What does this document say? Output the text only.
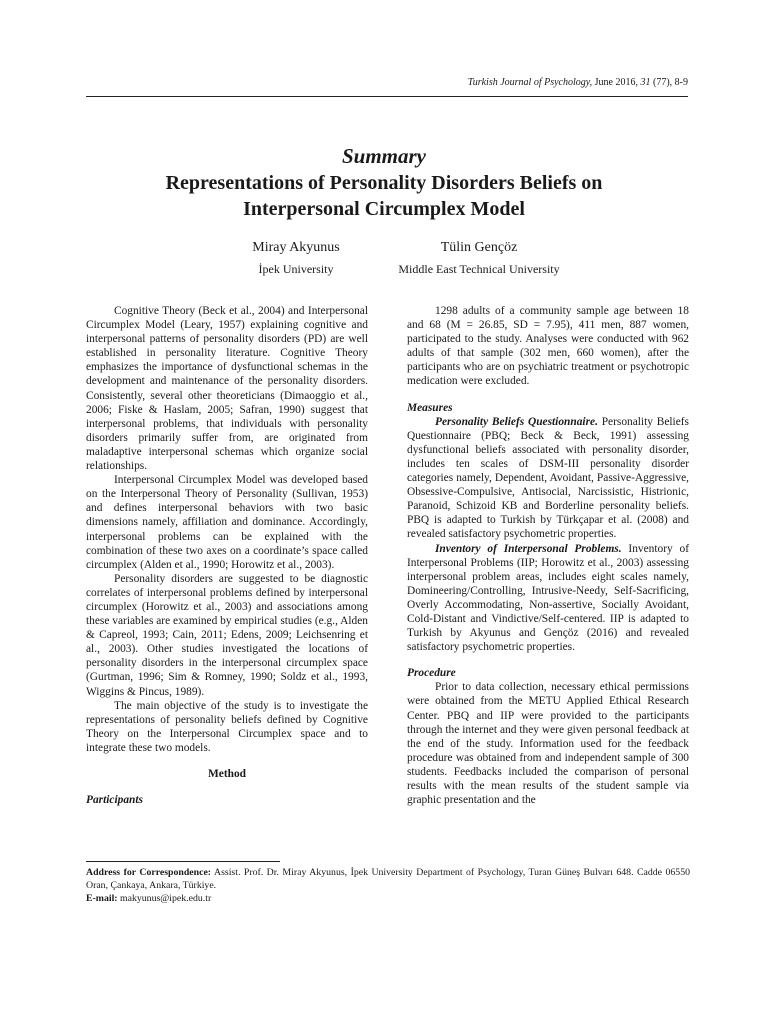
Turkish Journal of Psychology, June 2016, 31 (77), 8-9
Summary
Representations of Personality Disorders Beliefs on
Interpersonal Circumplex Model
Miray Akyunus
İpek University
Tülin Gençöz
Middle East Technical University

Cognitive Theory (Beck et al., 2004) and Interpersonal Circumplex Model (Leary, 1957) explaining cognitive and interpersonal patterns of personality disorders (PD) are well established in personality literature. Cognitive Theory emphasizes the importance of dysfunctional schemas in the development and maintenance of the personality disorders. Consistently, several other theoreticians (Dimaoggio et al., 2006; Fiske & Haslam, 2005; Safran, 1990) suggest that interpersonal problems, that individuals with personality disorders primarily suffer from, are originated from maladaptive interpersonal schemas which organize social relationships.

Interpersonal Circumplex Model was developed based on the Interpersonal Theory of Personality (Sullivan, 1953) and defines interpersonal behaviors with two basic dimensions namely, affiliation and dominance. Accordingly, interpersonal problems can be explained with the combination of these two axes on a coordinate’s space called circumplex (Alden et al., 1990; Horowitz et al., 2003).

Personality disorders are suggested to be diagnostic correlates of interpersonal problems defined by interpersonal circumplex (Horowitz et al., 2003) and associations among these variables are examined by empirical studies (e.g., Alden & Capreol, 1993; Cain, 2011; Edens, 2009; Leichsenring et al., 2003). Other studies investigated the locations of personality disorders in the interpersonal circumplex space (Gurtman, 1996; Sim & Romney, 1990; Soldz et al., 1993, Wiggins & Pincus, 1989).

The main objective of the study is to investigate the representations of personality beliefs defined by Cognitive Theory on the Interpersonal Circumplex space and to integrate these two models.

Method
Participants

1298 adults of a community sample age between 18 and 68 (M = 26.85, SD = 7.95), 411 men, 887 women, participated to the study. Analyses were conducted with 962 adults of that sample (302 men, 660 women), after the participants who are on psychiatric treatment or psychotropic medication were excluded.

Measures

Personality Beliefs Questionnaire. Personality Beliefs Questionnaire (PBQ; Beck & Beck, 1991) assessing dysfunctional beliefs associated with personality disorder, includes ten scales of DSM-III personality disorder categories namely, Dependent, Avoidant, Passive-Aggressive, Obsessive-Compulsive, Antisocial, Narcissistic, Histrionic, Paranoid, Schizoid KB and Borderline personality beliefs. PBQ is adapted to Turkish by Türkçapar et al. (2008) and revealed satisfactory psychometric properties.

Inventory of Interpersonal Problems. Inventory of Interpersonal Problems (IIP; Horowitz et al., 2003) assessing interpersonal problem areas, includes eight scales namely, Domineering/Controlling, Intrusive-Needy, Self-Sacrificing, Overly Accommodating, Non-assertive, Socially Avoidant, Cold-Distant and Vindictive/Self-centered. IIP is adapted to Turkish by Akyunus and Gençöz (2016) and revealed satisfactory psychometric properties.

Procedure

Prior to data collection, necessary ethical permissions were obtained from the METU Applied Ethical Research Center. PBQ and IIP were provided to the participants through the internet and they were given personal feedback at the end of the study. Information used for the feedback procedure was obtained from and independent sample of 300 students. Feedbacks included the comparison of personal results with the mean results of the student sample via graphic presentation and the

Address for Correspondence: Assist. Prof. Dr. Miray Akyunus, İpek University Department of Psychology, Turan Güneş Bulvarı 648. Cadde 06550 Oran, Çankaya, Ankara, Türkiye.
E-mail: makyunus@ipek.edu.tr
